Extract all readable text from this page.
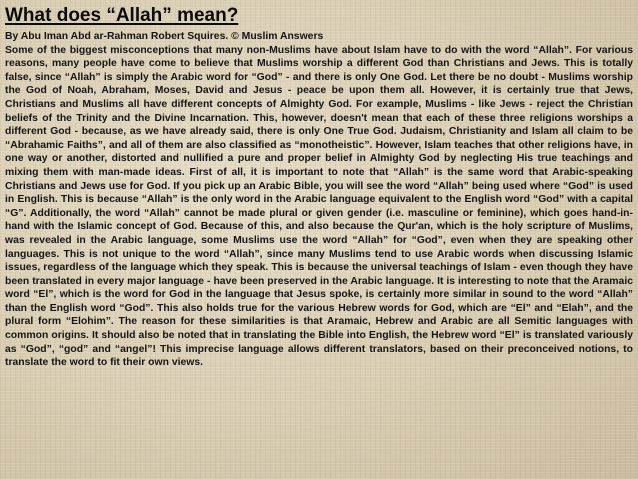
What does “Allah” mean?

By Abu Iman Abd ar-Rahman Robert Squires. © Muslim Answers

Some of the biggest misconceptions that many non-Muslims have about Islam have to do with the word “Allah”. For various reasons, many people have come to believe that Muslims worship a different God than Christians and Jews. This is totally false, since “Allah” is simply the Arabic word for “God” - and there is only One God. Let there be no doubt - Muslims worship the God of Noah, Abraham, Moses, David and Jesus - peace be upon them all. However, it is certainly true that Jews, Christians and Muslims all have different concepts of Almighty God. For example, Muslims - like Jews - reject the Christian beliefs of the Trinity and the Divine Incarnation. This, however, doesn't mean that each of these three religions worships a different God - because, as we have already said, there is only One True God. Judaism, Christianity and Islam all claim to be “Abrahamic Faiths”, and all of them are also classified as “monotheistic”. However, Islam teaches that other religions have, in one way or another, distorted and nullified a pure and proper belief in Almighty God by neglecting His true teachings and mixing them with man-made ideas. First of all, it is important to note that “Allah” is the same word that Arabic-speaking Christians and Jews use for God. If you pick up an Arabic Bible, you will see the word “Allah” being used where “God” is used in English. This is because “Allah” is the only word in the Arabic language equivalent to the English word “God” with a capital “G”. Additionally, the word “Allah” cannot be made plural or given gender (i.e. masculine or feminine), which goes hand-in-hand with the Islamic concept of God. Because of this, and also because the Qur'an, which is the holy scripture of Muslims, was revealed in the Arabic language, some Muslims use the word “Allah” for “God”, even when they are speaking other languages. This is not unique to the word “Allah”, since many Muslims tend to use Arabic words when discussing Islamic issues, regardless of the language which they speak. This is because the universal teachings of Islam - even though they have been translated in every major language - have been preserved in the Arabic language. It is interesting to note that the Aramaic word “El”, which is the word for God in the language that Jesus spoke, is certainly more similar in sound to the word “Allah” than the English word “God”. This also holds true for the various Hebrew words for God, which are “El” and “Elah”, and the plural form “Elohim”. The reason for these similarities is that Aramaic, Hebrew and Arabic are all Semitic languages with common origins. It should also be noted that in translating the Bible into English, the Hebrew word “El” is translated variously as “God”, “god” and “angel”! This imprecise language allows different translators, based on their preconceived notions, to translate the word to fit their own views.
